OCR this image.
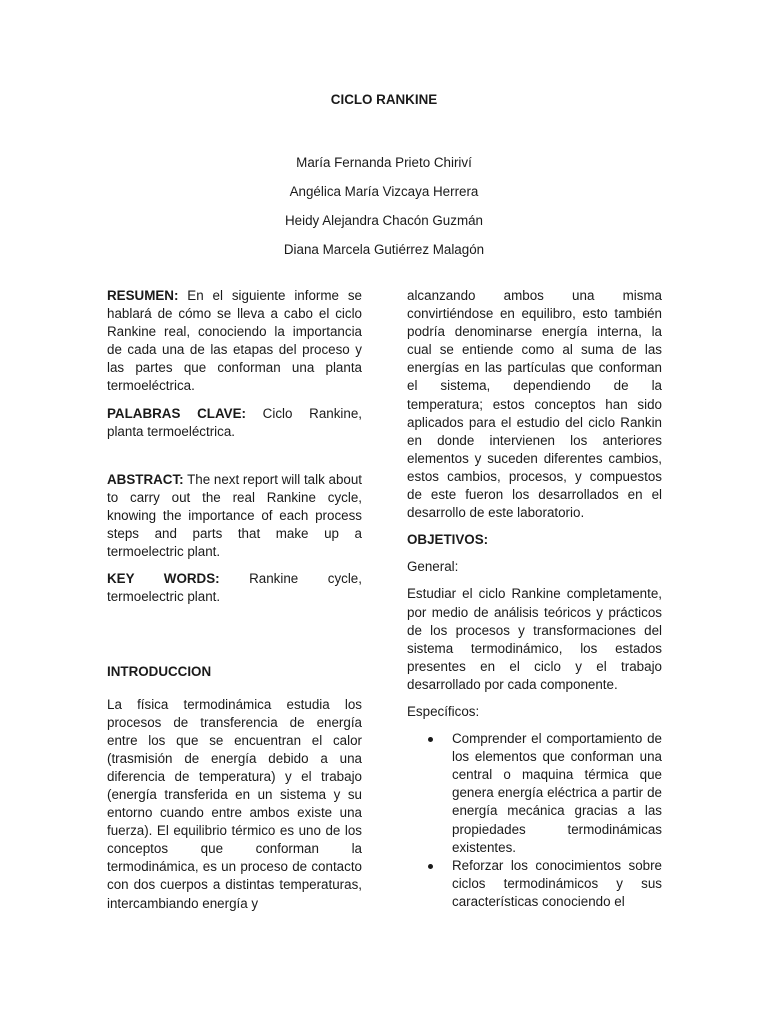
CICLO RANKINE
María Fernanda Prieto Chiriví
Angélica María Vizcaya Herrera
Heidy Alejandra Chacón Guzmán
Diana Marcela Gutiérrez Malagón

RESUMEN: En el siguiente informe se hablará de cómo se lleva a cabo el ciclo Rankine real, conociendo la importancia de cada una de las etapas del proceso y las partes que conforman una planta termoeléctrica.

PALABRAS CLAVE: Ciclo Rankine, planta termoeléctrica.

ABSTRACT: The next report will talk about to carry out the real Rankine cycle, knowing the importance of each process steps and parts that make up a termoelectric plant.

KEY WORDS: Rankine cycle, termoelectric plant.

INTRODUCCION

La física termodinámica estudia los procesos de transferencia de energía entre los que se encuentran el calor (trasmisión de energía debido a una diferencia de temperatura) y el trabajo (energía transferida en un sistema y su entorno cuando entre ambos existe una fuerza). El equilibrio térmico es uno de los conceptos que conforman la termodinámica, es un proceso de contacto con dos cuerpos a distintas temperaturas, intercambiando energía y

alcanzando ambos una misma convirtiéndose en equilibro, esto también podría denominarse energía interna, la cual se entiende como al suma de las energías en las partículas que conforman el sistema, dependiendo de la temperatura; estos conceptos han sido aplicados para el estudio del ciclo Rankin en donde intervienen los anteriores elementos y suceden diferentes cambios, estos cambios, procesos, y compuestos de este fueron los desarrollados en el desarrollo de este laboratorio.

OBJETIVOS:

General:

Estudiar el ciclo Rankine completamente, por medio de análisis teóricos y prácticos de los procesos y transformaciones del sistema termodinámico, los estados presentes en el ciclo y el trabajo desarrollado por cada componente.

Específicos:

Comprender el comportamiento de los elementos que conforman una central o maquina térmica que genera energía eléctrica a partir de energía mecánica gracias a las propiedades termodinámicas existentes.
Reforzar los conocimientos sobre ciclos termodinámicos y sus características conociendo el
